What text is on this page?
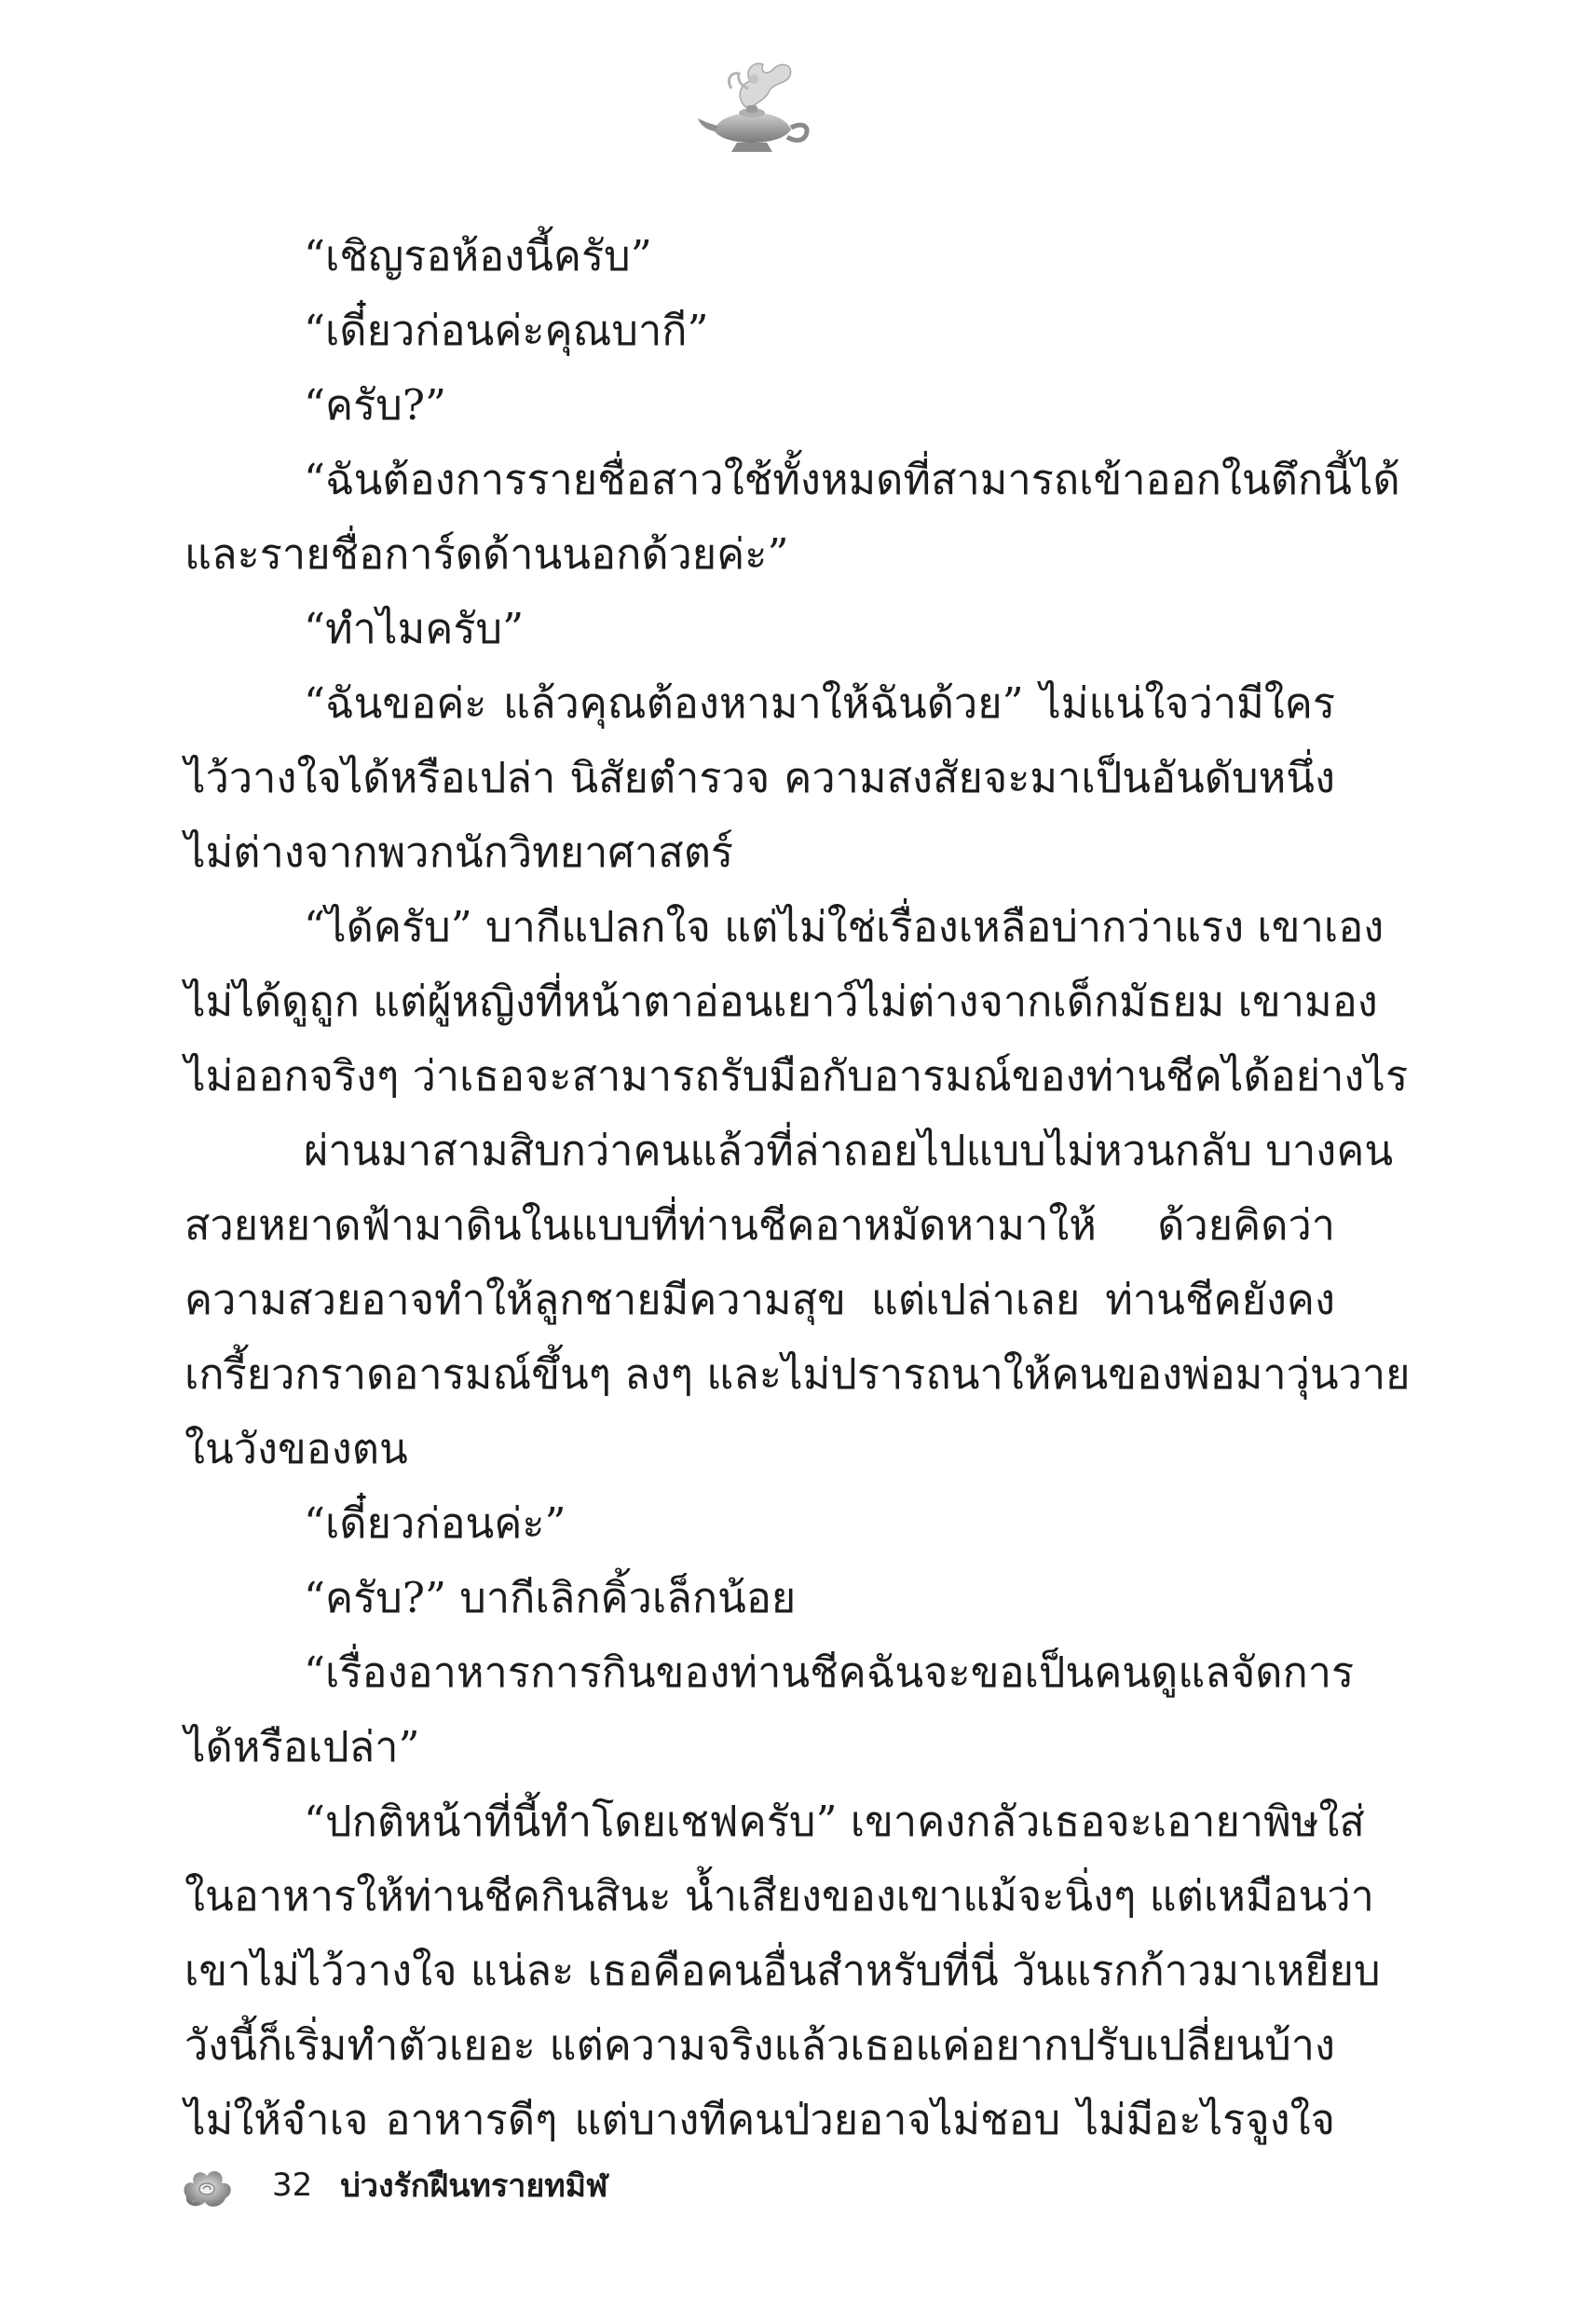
“เชิญรอห้องนี้ครับ”
“เดี๋ยวก่อนค่ะคุณบากี”
“ครับ?”
“ฉันต้องการรายชื่อสาวใช้ทั้งหมดที่สามารถเข้าออกในตึกนี้ได้
และรายชื่อการ์ดด้านนอกด้วยค่ะ”
“ทำไมครับ”
“ฉันขอค่ะ แล้วคุณต้องหามาให้ฉันด้วย” ไม่แน่ใจว่ามีใคร
ไว้วางใจได้หรือเปล่า นิสัยตำรวจ ความสงสัยจะมาเป็นอันดับหนึ่ง
ไม่ต่างจากพวกนักวิทยาศาสตร์
“ได้ครับ” บากีแปลกใจ แต่ไม่ใช่เรื่องเหลือบ่ากว่าแรง เขาเอง
ไม่ได้ดูถูก แต่ผู้หญิงที่หน้าตาอ่อนเยาว์ไม่ต่างจากเด็กมัธยม เขามอง
ไม่ออกจริงๆ ว่าเธอจะสามารถรับมือกับอารมณ์ของท่านชีคได้อย่างไร
ผ่านมาสามสิบกว่าคนแล้วที่ล่าถอยไปแบบไม่หวนกลับ บางคน
สวยหยาดฟ้ามาดินในแบบที่ท่านชีคอาหมัดหามาให้ ด้วยคิดว่า
ความสวยอาจทำให้ลูกชายมีความสุข แต่เปล่าเลย ท่านชีคยังคง
เกรี้ยวกราดอารมณ์ขึ้นๆ ลงๆ และไม่ปรารถนาให้คนของพ่อมาวุ่นวาย
ในวังของตน
“เดี๋ยวก่อนค่ะ”
“ครับ?” บากีเลิกคิ้วเล็กน้อย
“เรื่องอาหารการกินของท่านชีคฉันจะขอเป็นคนดูแลจัดการ
ได้หรือเปล่า”
“ปกติหน้าที่นี้ทำโดยเชฟครับ” เขาคงกลัวเธอจะเอายาพิษใส่
ในอาหารให้ท่านชีคกินสินะ น้ำเสียงของเขาแม้จะนิ่งๆ แต่เหมือนว่า
เขาไม่ไว้วางใจ แน่ละ เธอคือคนอื่นสำหรับที่นี่ วันแรกก้าวมาเหยียบ
วังนี้ก็เริ่มทำตัวเยอะ แต่ความจริงแล้วเธอแค่อยากปรับเปลี่ยนบ้าง
ไม่ให้จำเจ อาหารดีๆ แต่บางทีคนป่วยอาจไม่ชอบ ไม่มีอะไรจูงใจ
32 บ่วงรักฝืนทรายทมิฬ
